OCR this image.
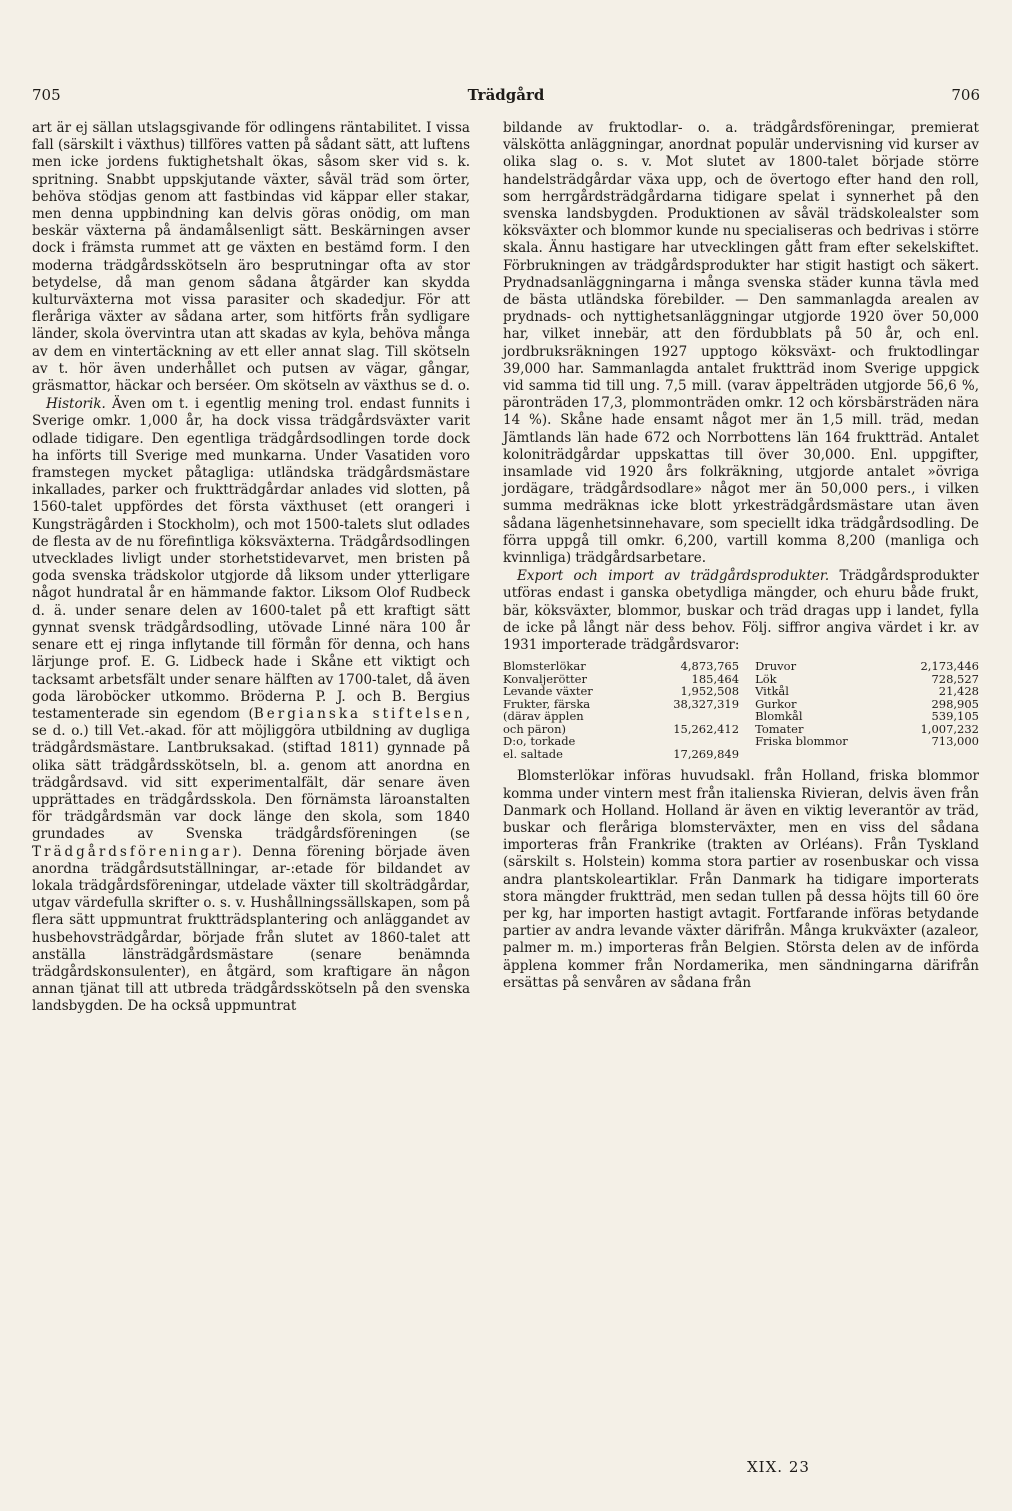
705	Trädgård	706

art är ej sällan utslagsgivande för odlingens räntabilitet. I vissa fall (särskilt i växthus) tillföres vatten på sådant sätt, att luftens men icke jordens fuktighetshalt ökas, såsom sker vid s. k. spritning. Snabbt uppskjutande växter, såväl träd som örter, behöva stödjas genom att fastbindas vid käppar eller stakar, men denna uppbindning kan delvis göras onödig, om man beskär växterna på ändamålsenligt sätt. Beskärningen avser dock i främsta rummet att ge växten en bestämd form. I den moderna trädgårdsskötseln äro besprutningar ofta av stor betydelse, då man genom sådana åtgärder kan skydda kulturväxterna mot vissa parasiter och skadedjur. För att fleråriga växter av sådana arter, som hitförts från sydligare länder, skola övervintra utan att skadas av kyla, behöva många av dem en vintertäckning av ett eller annat slag. Till skötseln av t. hör även underhållet och putsen av vägar, gångar, gräsmattor, häckar och berséer. Om skötseln av växthus se d. o.

Historik. Även om t. i egentlig mening trol. endast funnits i Sverige omkr. 1,000 år, ha dock vissa trädgårdsväxter varit odlade tidigare. Den egentliga trädgårdsodlingen torde dock ha införts till Sverige med munkarna. Under Vasatiden voro framstegen mycket påtagliga: utländska trädgårdsmästare inkallades, parker och fruktträdgårdar anlades vid slotten, på 1560-talet uppfördes det första växthuset (ett orangeri i Kungsträgården i Stockholm), och mot 1500-talets slut odlades de flesta av de nu förefintliga köksväxterna. Trädgårdsodlingen utvecklades livligt under storhetstidevarvet, men bristen på goda svenska trädskolor utgjorde då liksom under ytterligare något hundratal år en hämmande faktor. Liksom Olof Rudbeck d. ä. under senare delen av 1600-talet på ett kraftigt sätt gynnat svensk trädgårdsodling, utövade Linné nära 100 år senare ett ej ringa inflytande till förmån för denna, och hans lärjunge prof. E. G. Lidbeck hade i Skåne ett viktigt och tacksamt arbetsfält under senare hälften av 1700-talet, då även goda läroböcker utkommo. Bröderna P. J. och B. Bergius testamenterade sin egendom (Bergianska stiftelsen, se d. o.) till Vet.-akad. för att möjliggöra utbildning av dugliga trädgårdsmästare. Lantbruksakad. (stiftad 1811) gynnade på olika sätt trädgårdsskötseln, bl. a. genom att anordna en trädgårdsavd. vid sitt experimentalfält, där senare även upprättades en trädgårdsskola. Den förnämsta läroanstalten för trädgårdsmän var dock länge den skola, som 1840 grundades av Svenska trädgårdsföreningen (se Trädgårdsföreningar). Denna förening började även anordna trädgårdsutställningar, ar-:etade för bildandet av lokala trädgårdsföreningar, utdelade växter till skolträdgårdar, utgav värdefulla skrifter o. s. v. Hushållningssällskapen, som på flera sätt uppmuntrat fruktträdsplantering och anläggandet av husbehovsträdgårdar, började från slutet av 1860-talet att anställa länsträdgårdsmästare (senare benämnda trädgårdskonsulenter), en åtgärd, som kraftigare än någon annan tjänat till att utbreda trädgårdsskötseln på den svenska landsbygden. De ha också uppmuntrat

bildande av fruktodlar- o. a. trädgårdsföreningar, premierat välskötta anläggningar, anordnat populär undervisning vid kurser av olika slag o. s. v. Mot slutet av 1800-talet började större handelsträdgårdar växa upp, och de övertogo efter hand den roll, som herrgårdsträdgårdarna tidigare spelat i synnerhet på den svenska landsbygden. Produktionen av såväl trädskolealster som köksväxter och blommor kunde nu specialiseras och bedrivas i större skala. Ännu hastigare har utvecklingen gått fram efter sekelskiftet. Förbrukningen av trädgårdsprodukter har stigit hastigt och säkert. Prydnadsanläggningarna i många svenska städer kunna tävla med de bästa utländska förebilder. — Den sammanlagda arealen av prydnads- och nyttighetsanläggningar utgjorde 1920 över 50,000 har, vilket innebär, att den fördubblats på 50 år, och enl. jordbruksräkningen 1927 upptogo köksväxt- och fruktodlingar 39,000 har. Sammanlagda antalet fruktträd inom Sverige uppgick vid samma tid till ung. 7,5 mill. (varav äppelträden utgjorde 56,6 %, päronträden 17,3, plommonträden omkr. 12 och körsbärsträden nära 14 %). Skåne hade ensamt något mer än 1,5 mill. träd, medan Jämtlands län hade 672 och Norrbottens län 164 fruktträd. Antalet koloniträdgårdar uppskattas till över 30,000. Enl. uppgifter, insamlade vid 1920 års folkräkning, utgjorde antalet »övriga jordägare, trädgårdsodlare» något mer än 50,000 pers., i vilken summa medräknas icke blott yrkesträdgårdsmästare utan även sådana lägenhetsinnehavare, som speciellt idka trädgårdsodling. De förra uppgå till omkr. 6,200, vartill komma 8,200 (manliga och kvinnliga) trädgårdsarbetare.

Export och import av trädgårdsprodukter. Trädgårdsprodukter utföras endast i ganska obetydliga mängder, och ehuru både frukt, bär, köksväxter, blommor, buskar och träd dragas upp i landet, fylla de icke på långt när dess behov. Följ. siffror angiva värdet i kr. av 1931 importerade trädgårdsvaror:

Blomsterlökar	4,873,765	Druvor	2,173,446
Konvaljerötter	185,464	Lök	728,527
Levande växter	1,952,508	Vitkål	21,428
Frukter, färska	38,327,319	Gurkor	298,905
(därav äpplen		Blomkål	539,105
och päron)	15,262,412	Tomater	1,007,232
D:o, torkade		Friska blommor	713,000
el. saltade	17,269,849		

Blomsterlökar införas huvudsakl. från Holland, friska blommor komma under vintern mest från italienska Rivieran, delvis även från Danmark och Holland. Holland är även en viktig leverantör av träd, buskar och fleråriga blomsterväxter, men en viss del sådana importeras från Frankrike (trakten av Orléans). Från Tyskland (särskilt s. Holstein) komma stora partier av rosenbuskar och vissa andra plantskoleartiklar. Från Danmark ha tidigare importerats stora mängder fruktträd, men sedan tullen på dessa höjts till 60 öre per kg, har importen hastigt avtagit. Fortfarande införas betydande partier av andra levande växter därifrån. Många krukväxter (azaleor, palmer m. m.) importeras från Belgien. Största delen av de införda äpplena kommer från Nordamerika, men sändningarna därifrån ersättas på senvåren av sådana från

XIX. 23
